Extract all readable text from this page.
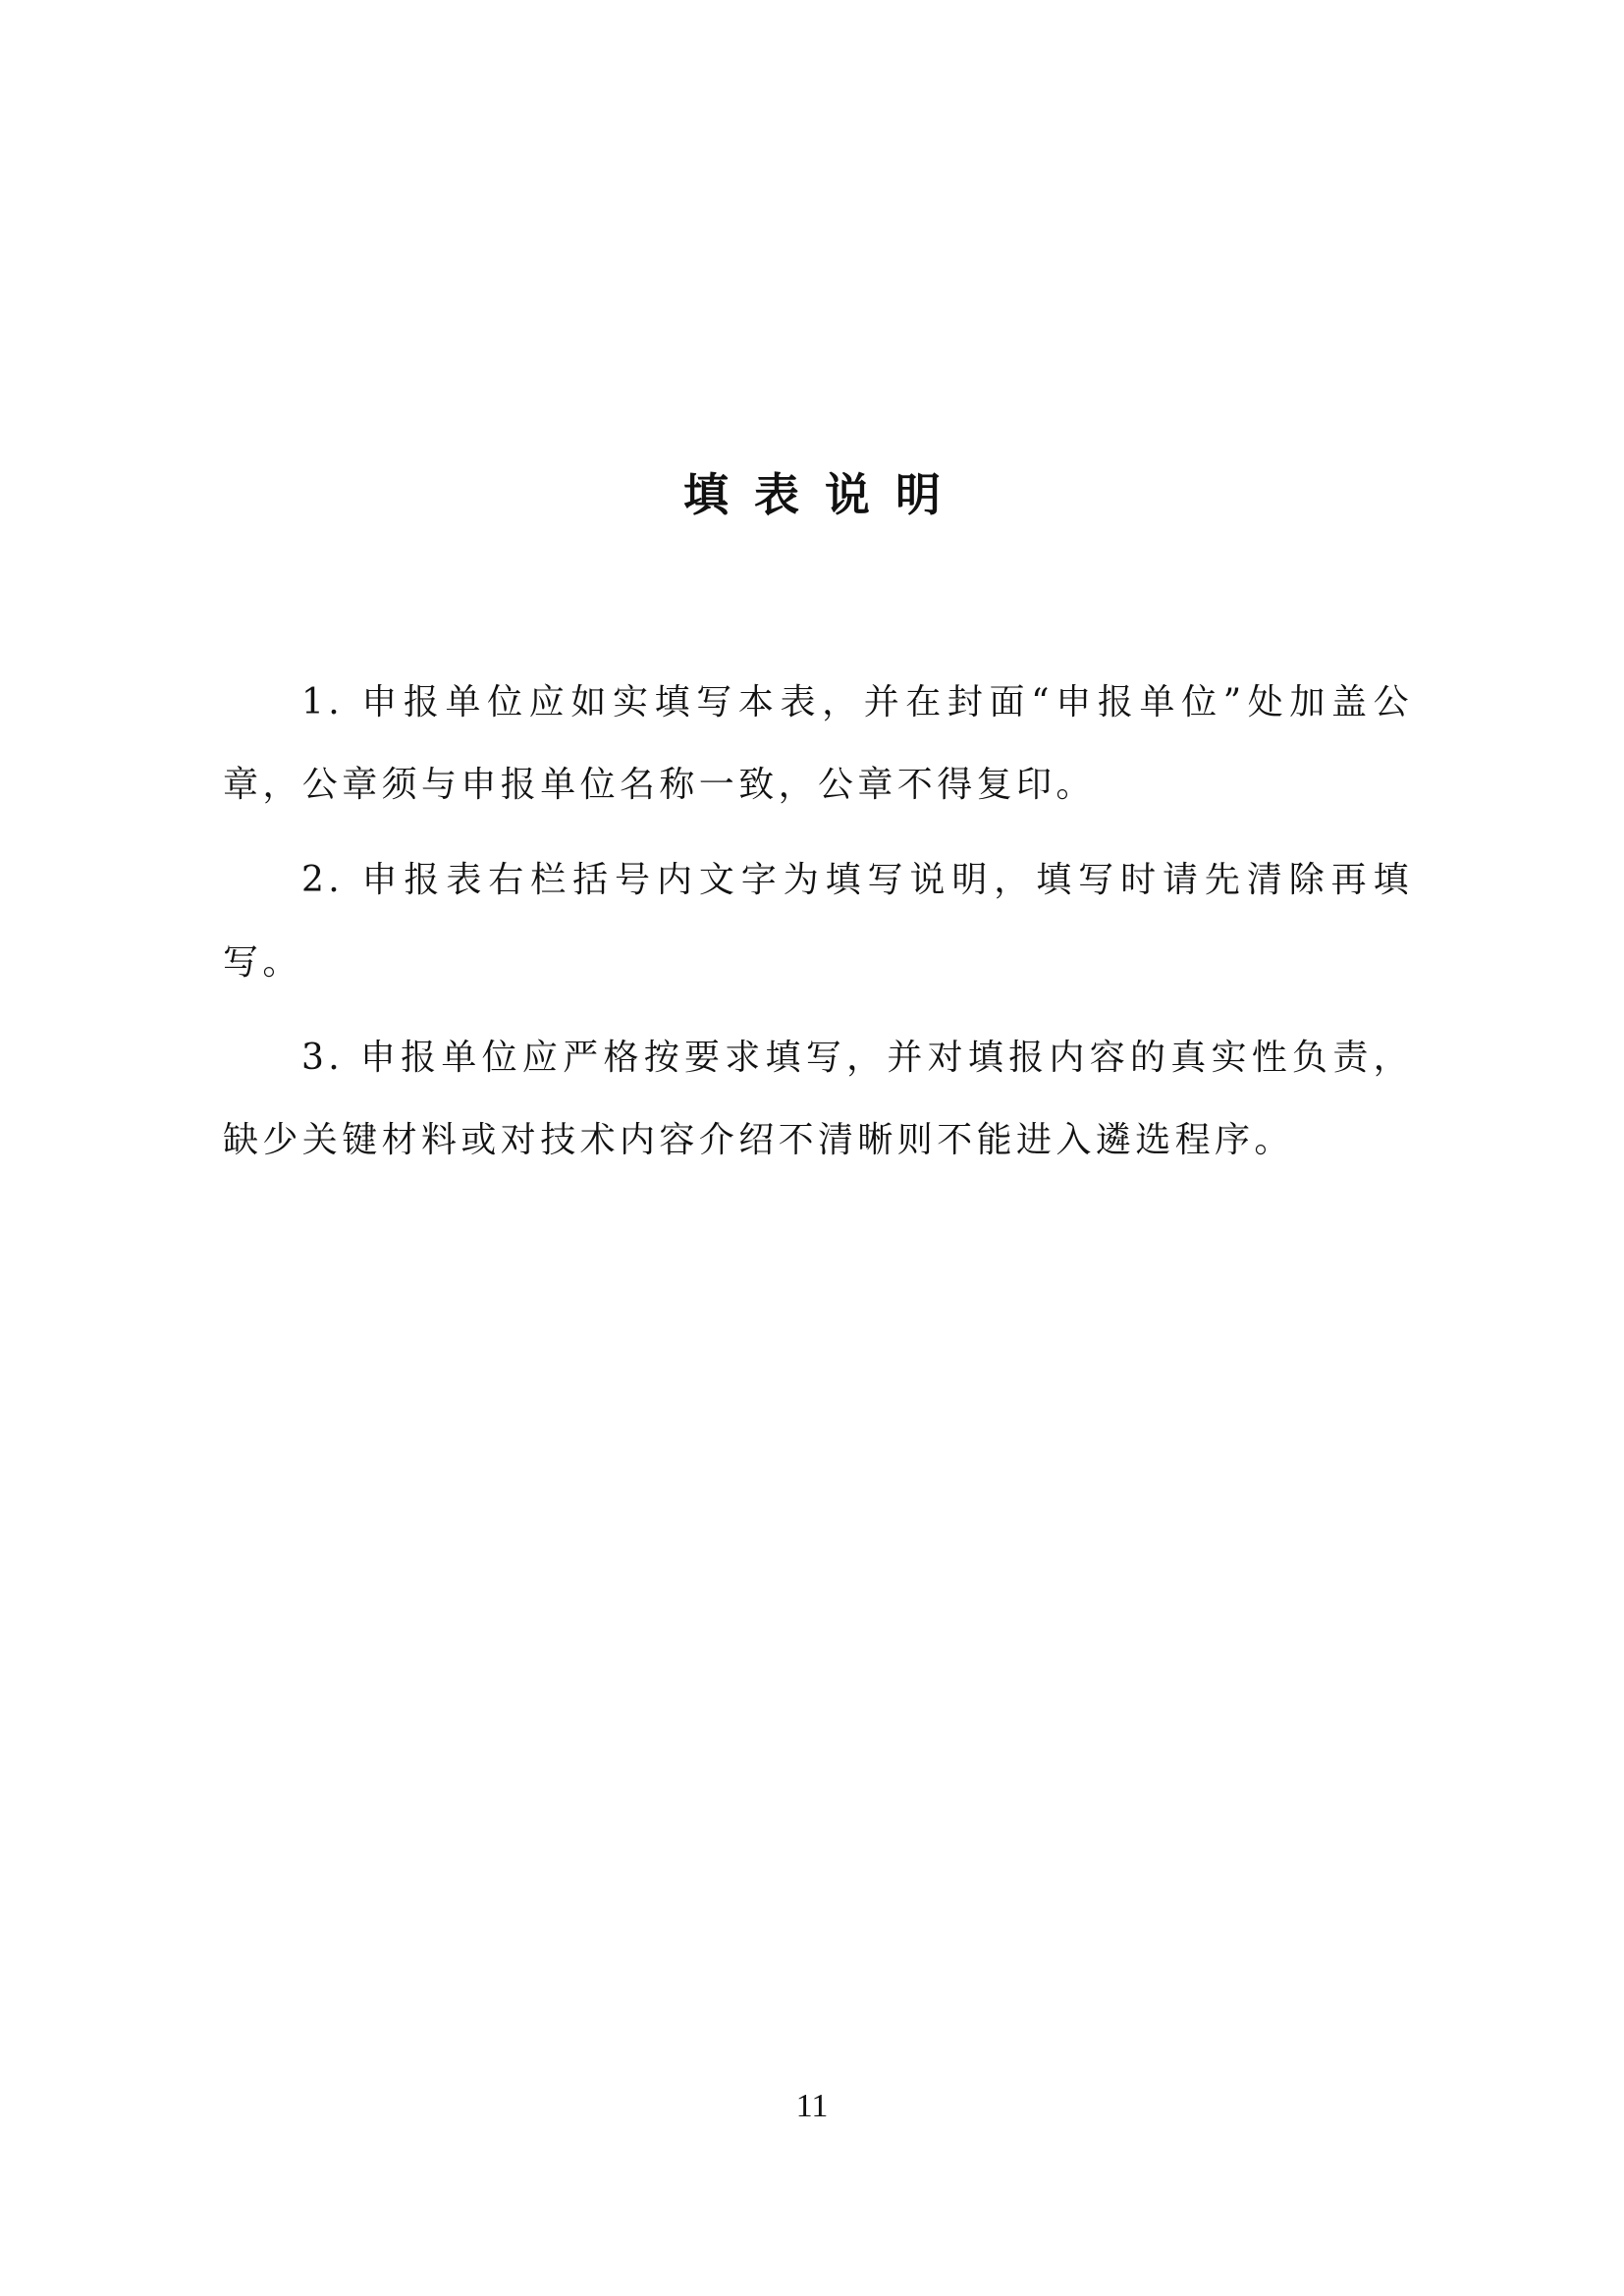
填表说明

1. 申报单位应如实填写本表，并在封面“申报单位”处加盖公章，公章须与申报单位名称一致，公章不得复印。

2. 申报表右栏括号内文字为填写说明，填写时请先清除再填写。

3. 申报单位应严格按要求填写，并对填报内容的真实性负责，缺少关键材料或对技术内容介绍不清晰则不能进入遴选程序。

11
